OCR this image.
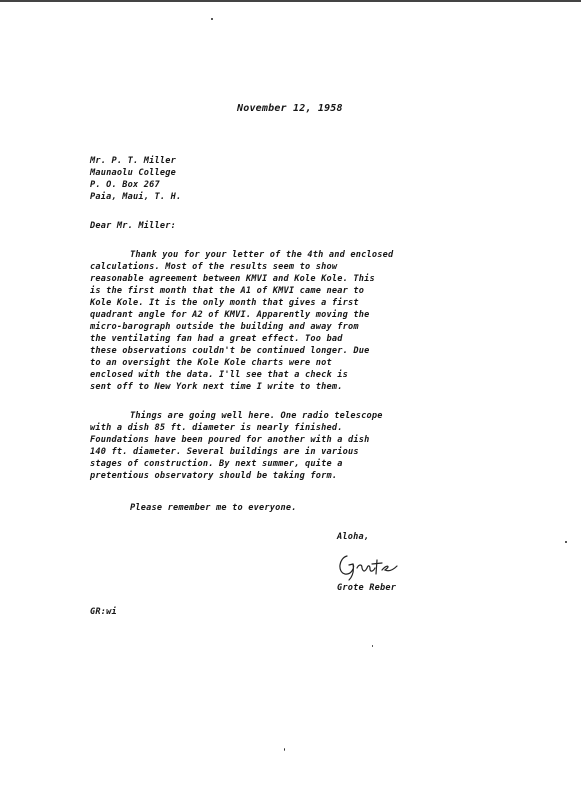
November 12, 1958
Mr. P. T. Miller
Maunaolu College
P. O. Box 267
Paia, Maui, T. H.
Dear Mr. Miller:
Thank you for your letter of the 4th and enclosed
calculations. Most of the results seem to show
reasonable agreement between KMVI and Kole Kole. This
is the first month that the A1 of KMVI came near to
Kole Kole. It is the only month that gives a first
quadrant angle for A2 of KMVI. Apparently moving the
micro-barograph outside the building and away from
the ventilating fan had a great effect. Too bad
these observations couldn't be continued longer. Due
to an oversight the Kole Kole charts were not
enclosed with the data. I'll see that a check is
sent off to New York next time I write to them.
Things are going well here. One radio telescope
with a dish 85 ft. diameter is nearly finished.
Foundations have been poured for another with a dish
140 ft. diameter. Several buildings are in various
stages of construction. By next summer, quite a
pretentious observatory should be taking form.
Please remember me to everyone.
Aloha,
Grote Reber
GR:wi
